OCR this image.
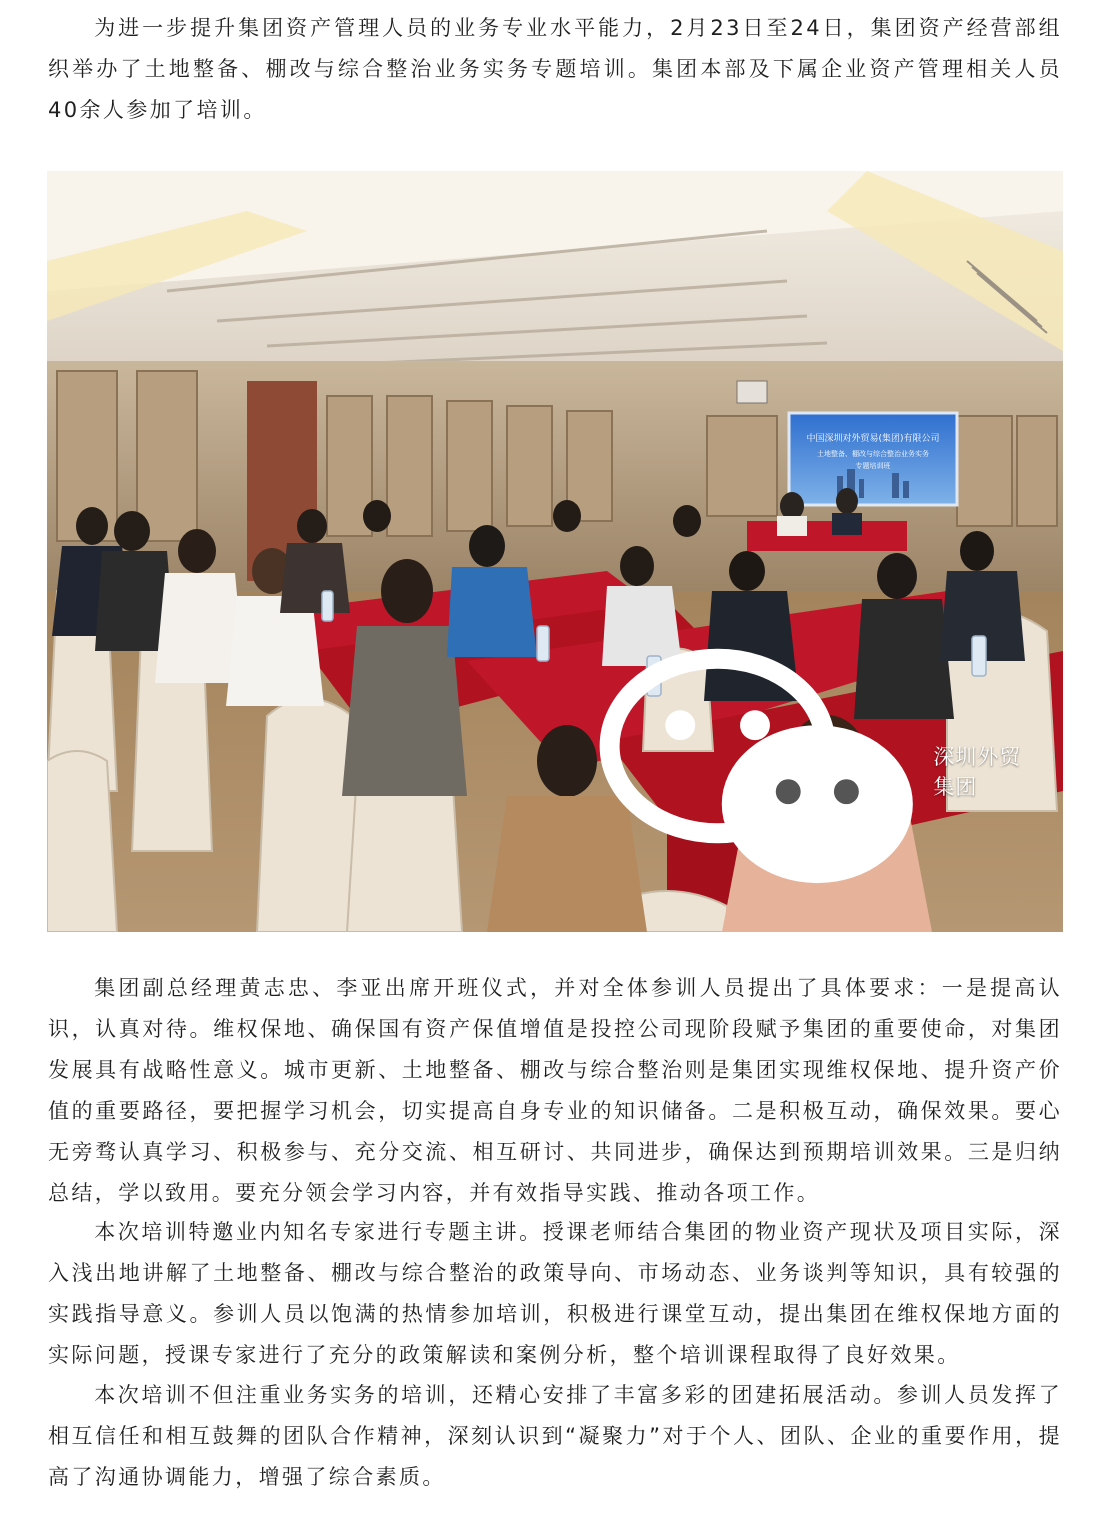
为进一步提升集团资产管理人员的业务专业水平能力，2月23日至24日，集团资产经营部组织举办了土地整备、棚改与综合整治业务实务专题培训。集团本部及下属企业资产管理相关人员40余人参加了培训。

中国深圳对外贸易(集团)有限公司
土地整备、棚改与综合整治业务实务
专题培训班
深圳外贸集团

集团副总经理黄志忠、李亚出席开班仪式，并对全体参训人员提出了具体要求：一是提高认识，认真对待。维权保地、确保国有资产保值增值是投控公司现阶段赋予集团的重要使命，对集团发展具有战略性意义。城市更新、土地整备、棚改与综合整治则是集团实现维权保地、提升资产价值的重要路径，要把握学习机会，切实提高自身专业的知识储备。二是积极互动，确保效果。要心无旁骛认真学习、积极参与、充分交流、相互研讨、共同进步，确保达到预期培训效果。三是归纳总结，学以致用。要充分领会学习内容，并有效指导实践、推动各项工作。

本次培训特邀业内知名专家进行专题主讲。授课老师结合集团的物业资产现状及项目实际，深入浅出地讲解了土地整备、棚改与综合整治的政策导向、市场动态、业务谈判等知识，具有较强的实践指导意义。参训人员以饱满的热情参加培训，积极进行课堂互动，提出集团在维权保地方面的实际问题，授课专家进行了充分的政策解读和案例分析，整个培训课程取得了良好效果。

本次培训不但注重业务实务的培训，还精心安排了丰富多彩的团建拓展活动。参训人员发挥了相互信任和相互鼓舞的团队合作精神，深刻认识到“凝聚力”对于个人、团队、企业的重要作用，提高了沟通协调能力，增强了综合素质。
